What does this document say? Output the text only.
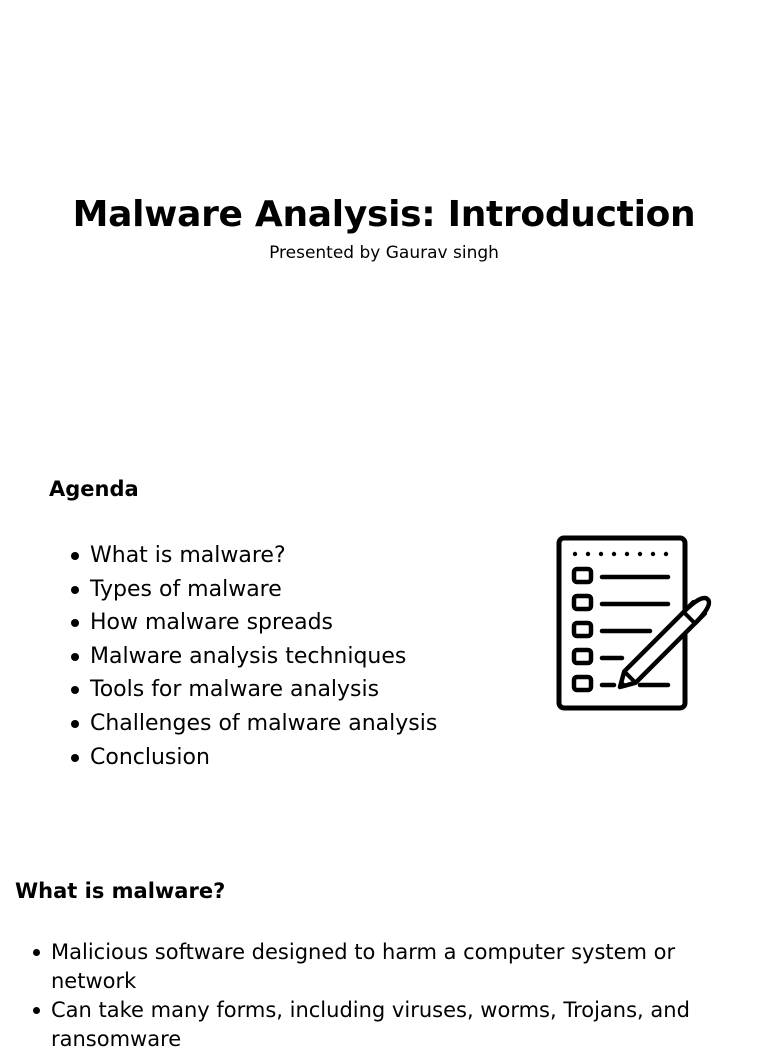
Malware Analysis: Introduction

Presented by Gaurav singh

Agenda
What is malware?
Types of malware
How malware spreads
Malware analysis techniques
Tools for malware analysis
Challenges of malware analysis
Conclusion
What is malware?
Malicious software designed to harm a computer system or network
Can take many forms, including viruses, worms, Trojans, and ransomware
